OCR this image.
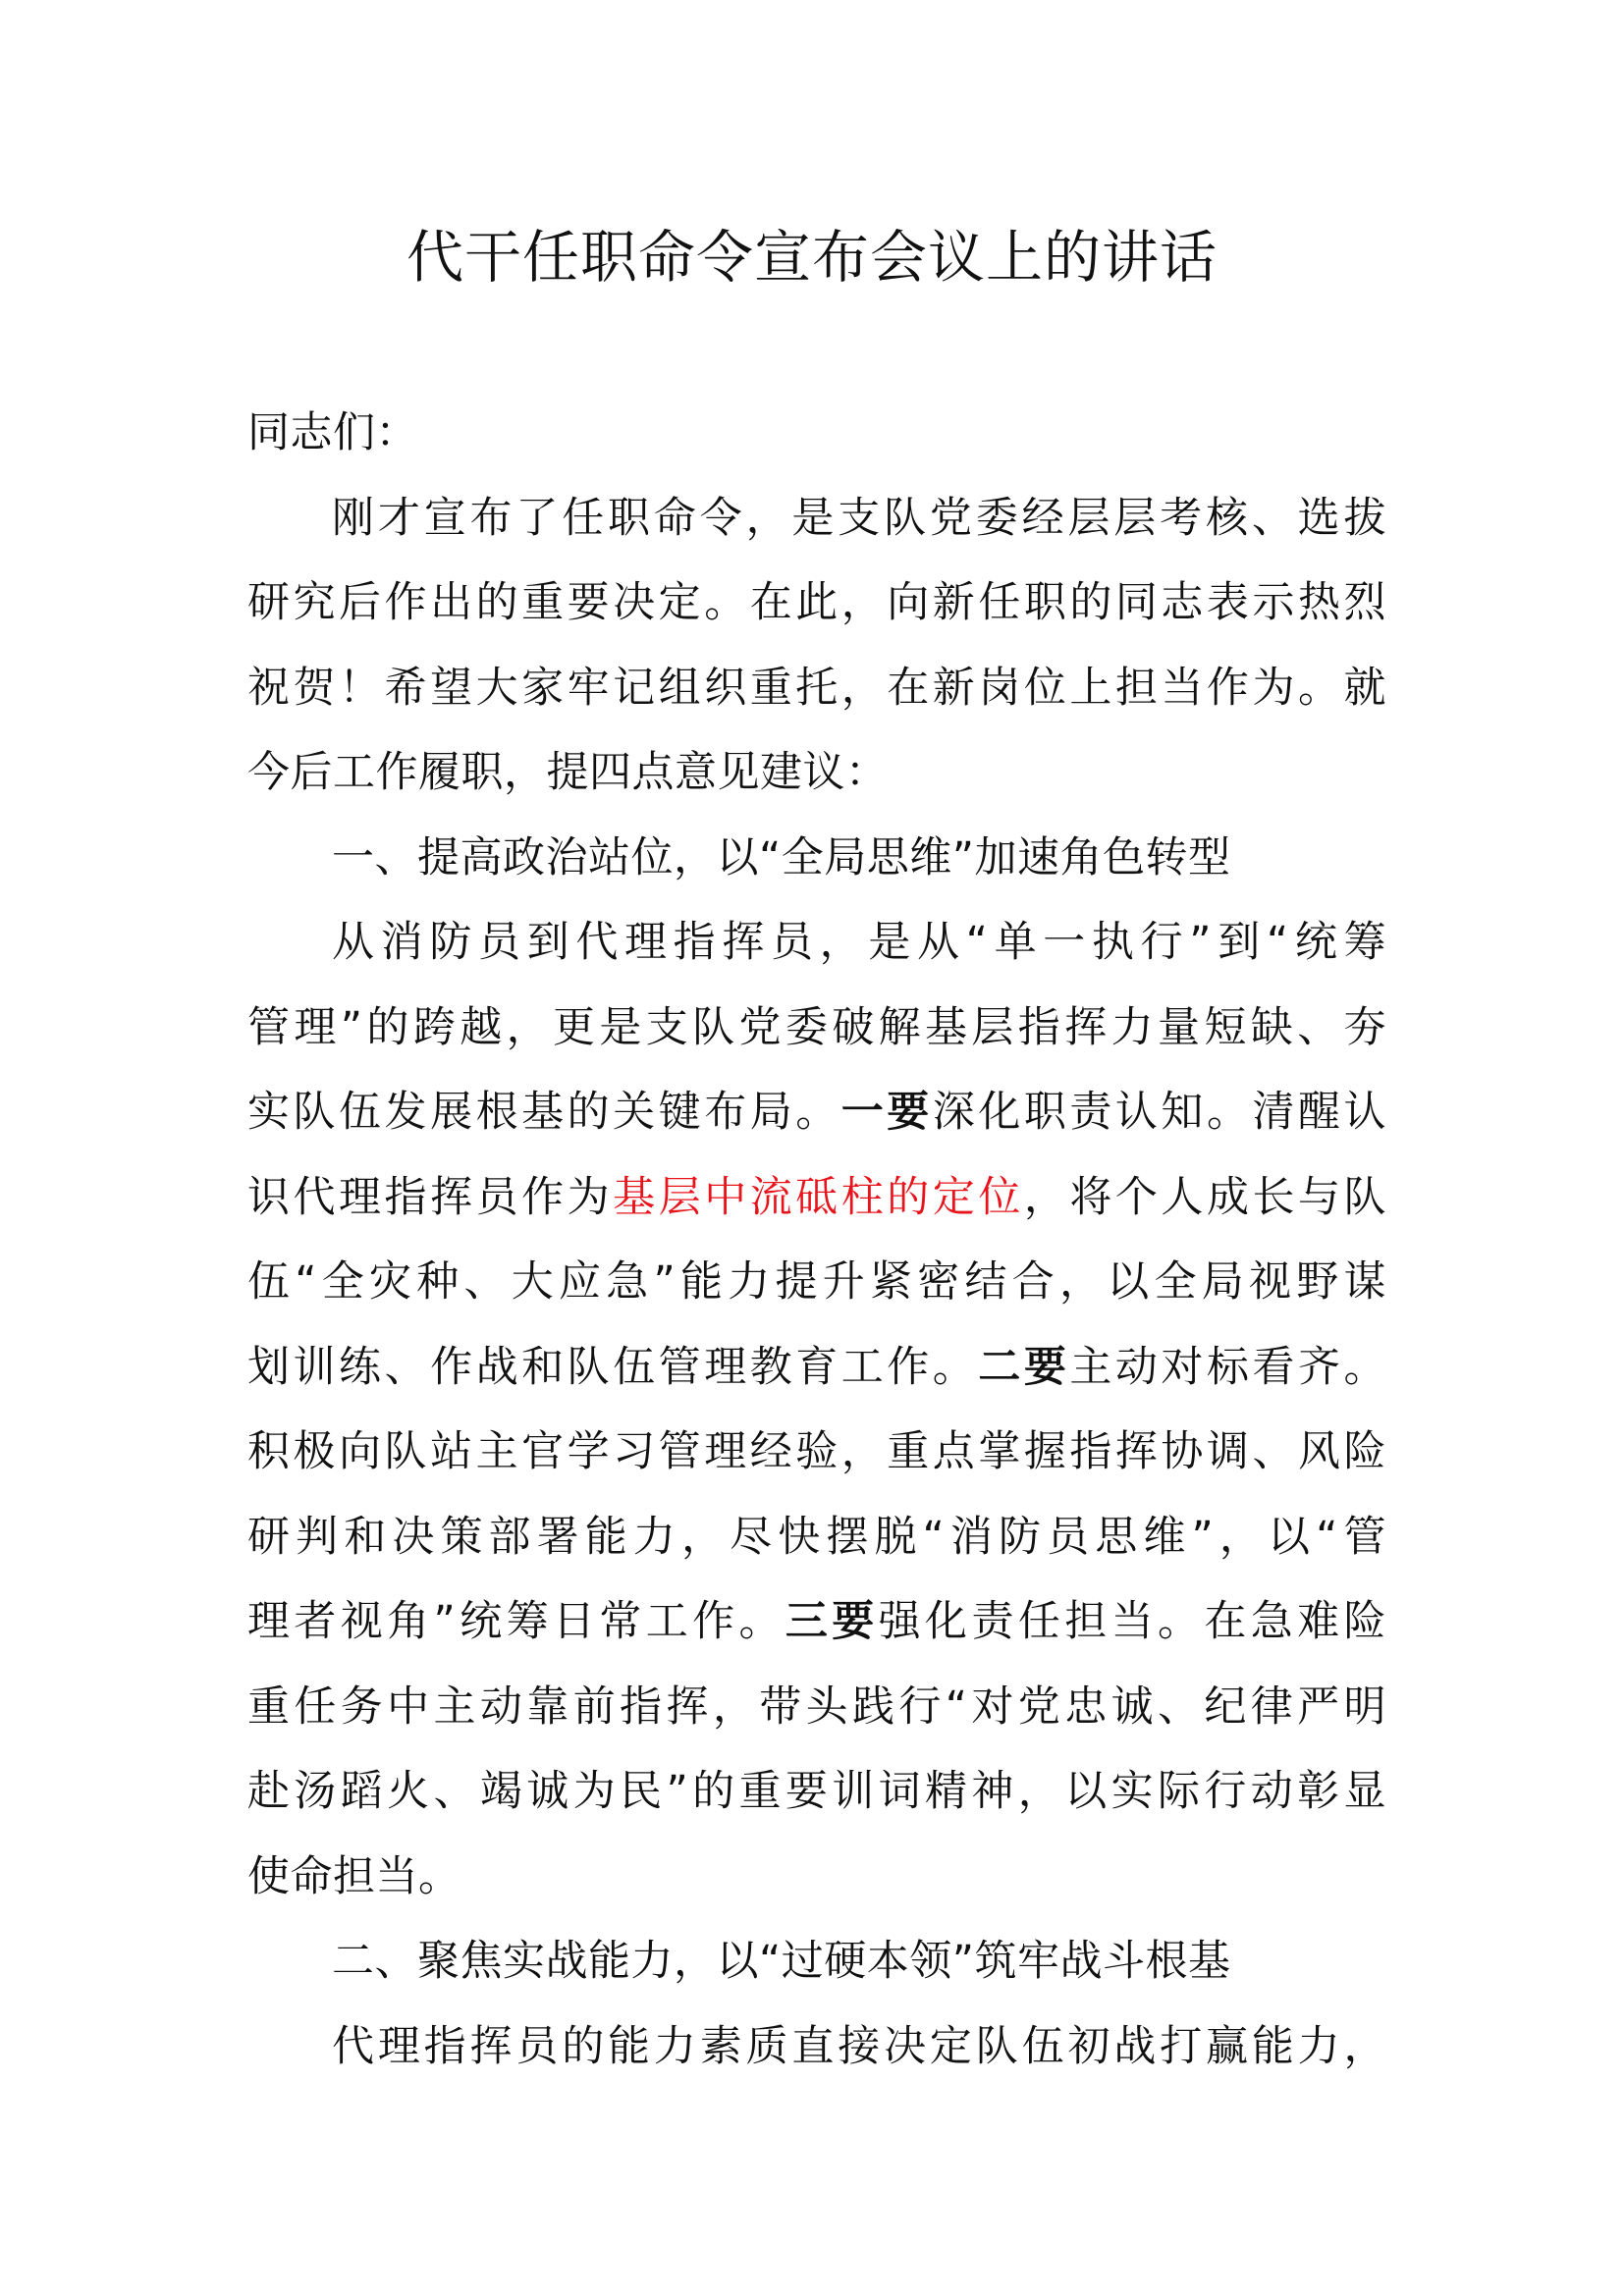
代干任职命令宣布会议上的讲话
同志们：
刚才宣布了任职命令，是支队党委经层层考核、选拔
研究后作出的重要决定。在此，向新任职的同志表示热烈
祝贺！希望大家牢记组织重托，在新岗位上担当作为。就
今后工作履职，提四点意见建议：
一、提高政治站位，以“全局思维”加速角色转型
从消防员到代理指挥员，是从“单一执行”到“统筹
管理”的跨越，更是支队党委破解基层指挥力量短缺、夯
实队伍发展根基的关键布局。一要深化职责认知。清醒认
识代理指挥员作为基层中流砥柱的定位，将个人成长与队
伍“全灾种、大应急”能力提升紧密结合，以全局视野谋
划训练、作战和队伍管理教育工作。二要主动对标看齐。
积极向队站主官学习管理经验，重点掌握指挥协调、风险
研判和决策部署能力，尽快摆脱“消防员思维”，以“管
理者视角”统筹日常工作。三要强化责任担当。在急难险
重任务中主动靠前指挥，带头践行“对党忠诚、纪律严明
赴汤蹈火、竭诚为民”的重要训词精神，以实际行动彰显
使命担当。
二、聚焦实战能力，以“过硬本领”筑牢战斗根基
代理指挥员的能力素质直接决定队伍初战打赢能力，
